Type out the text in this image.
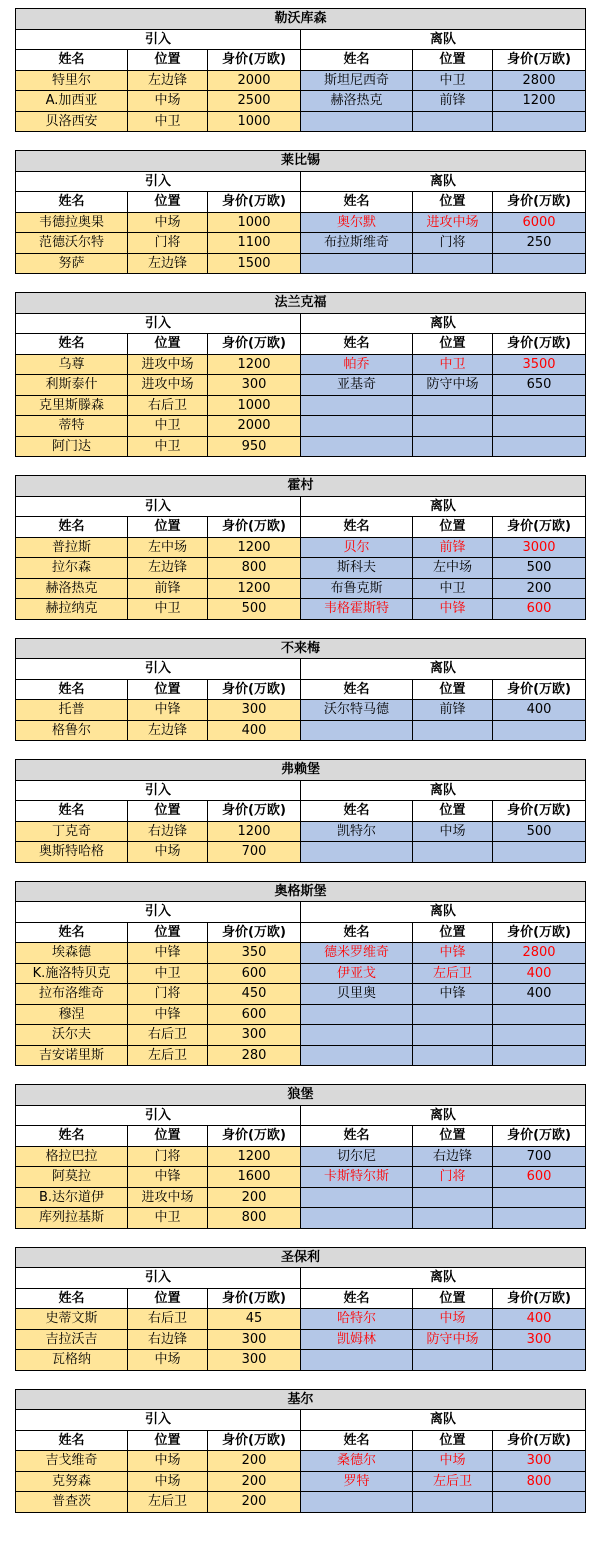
勒沃库森					
引入			离队		
姓名	位置	身价(万欧)	姓名	位置	身价(万欧)
特里尔	左边锋	2000	斯坦尼西奇	中卫	2800
A.加西亚	中场	2500	赫洛热克	前锋	1200
贝洛西安	中卫	1000			
莱比锡					
引入			离队		
姓名	位置	身价(万欧)	姓名	位置	身价(万欧)
韦德拉奥果	中场	1000	奥尔默	进攻中场	6000
范德沃尔特	门将	1100	布拉斯维奇	门将	250
努萨	左边锋	1500			
法兰克福					
引入			离队		
姓名	位置	身价(万欧)	姓名	位置	身价(万欧)
乌尊	进攻中场	1200	帕乔	中卫	3500
利斯泰什	进攻中场	300	亚基奇	防守中场	650
克里斯滕森	右后卫	1000			
蒂特	中卫	2000			
阿门达	中卫	950			
霍村					
引入			离队		
姓名	位置	身价(万欧)	姓名	位置	身价(万欧)
普拉斯	左中场	1200	贝尔	前锋	3000
拉尔森	左边锋	800	斯科夫	左中场	500
赫洛热克	前锋	1200	布鲁克斯	中卫	200
赫拉纳克	中卫	500	韦格霍斯特	中锋	600
不来梅					
引入			离队		
姓名	位置	身价(万欧)	姓名	位置	身价(万欧)
托普	中锋	300	沃尔特马德	前锋	400
格鲁尔	左边锋	400			
弗赖堡					
引入			离队		
姓名	位置	身价(万欧)	姓名	位置	身价(万欧)
丁克奇	右边锋	1200	凯特尔	中场	500
奥斯特哈格	中场	700			
奥格斯堡					
引入			离队		
姓名	位置	身价(万欧)	姓名	位置	身价(万欧)
埃森德	中锋	350	德米罗维奇	中锋	2800
K.施洛特贝克	中卫	600	伊亚戈	左后卫	400
拉布洛维奇	门将	450	贝里奥	中锋	400
穆涅	中锋	600			
沃尔夫	右后卫	300			
吉安诺里斯	左后卫	280			
狼堡					
引入			离队		
姓名	位置	身价(万欧)	姓名	位置	身价(万欧)
格拉巴拉	门将	1200	切尔尼	右边锋	700
阿莫拉	中锋	1600	卡斯特尔斯	门将	600
B.达尔道伊	进攻中场	200			
库列拉基斯	中卫	800			
圣保利					
引入			离队		
姓名	位置	身价(万欧)	姓名	位置	身价(万欧)
史蒂文斯	右后卫	45	哈特尔	中场	400
吉拉沃吉	右边锋	300	凯姆林	防守中场	300
瓦格纳	中场	300			
基尔					
引入			离队		
姓名	位置	身价(万欧)	姓名	位置	身价(万欧)
吉戈维奇	中场	200	桑德尔	中场	300
克努森	中场	200	罗特	左后卫	800
普查茨	左后卫	200			
